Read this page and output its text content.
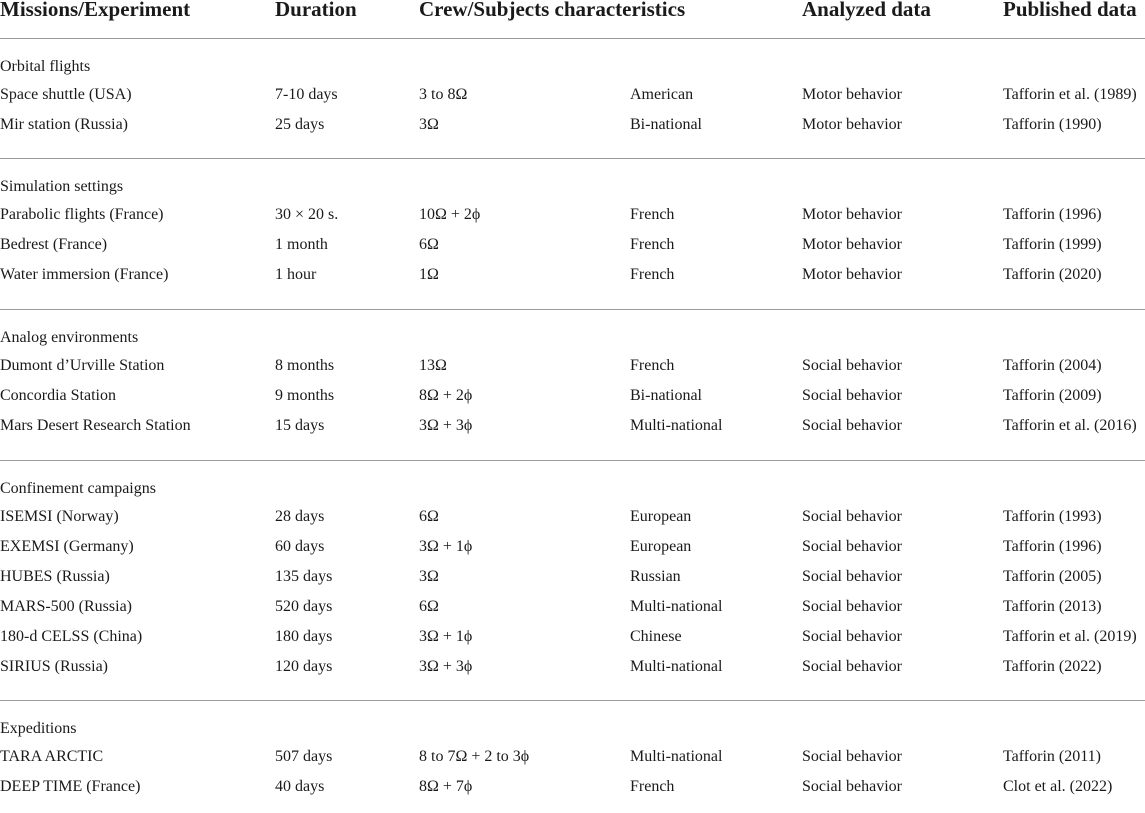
Missions/Experiment	Duration	Crew/Subjects characteristics	Analyzed data	Published data
Orbital flights
Space shuttle (USA)	7-10 days	3 to 8Ω	American	Motor behavior	Tafforin et al. (1989)
Mir station (Russia)	25 days	3Ω	Bi-national	Motor behavior	Tafforin (1990)
Simulation settings
Parabolic flights (France)	30 × 20 s.	10Ω + 2ϕ	French	Motor behavior	Tafforin (1996)
Bedrest (France)	1 month	6Ω	French	Motor behavior	Tafforin (1999)
Water immersion (France)	1 hour	1Ω	French	Motor behavior	Tafforin (2020)
Analog environments
Dumont d’Urville Station	8 months	13Ω	French	Social behavior	Tafforin (2004)
Concordia Station	9 months	8Ω + 2ϕ	Bi-national	Social behavior	Tafforin (2009)
Mars Desert Research Station	15 days	3Ω + 3ϕ	Multi-national	Social behavior	Tafforin et al. (2016)
Confinement campaigns
ISEMSI (Norway)	28 days	6Ω	European	Social behavior	Tafforin (1993)
EXEMSI (Germany)	60 days	3Ω + 1ϕ	European	Social behavior	Tafforin (1996)
HUBES (Russia)	135 days	3Ω	Russian	Social behavior	Tafforin (2005)
MARS-500 (Russia)	520 days	6Ω	Multi-national	Social behavior	Tafforin (2013)
180-d CELSS (China)	180 days	3Ω + 1ϕ	Chinese	Social behavior	Tafforin et al. (2019)
SIRIUS (Russia)	120 days	3Ω + 3ϕ	Multi-national	Social behavior	Tafforin (2022)
Expeditions
TARA ARCTIC	507 days	8 to 7Ω + 2 to 3ϕ	Multi-national	Social behavior	Tafforin (2011)
DEEP TIME (France)	40 days	8Ω + 7ϕ	French	Social behavior	Clot et al. (2022)
